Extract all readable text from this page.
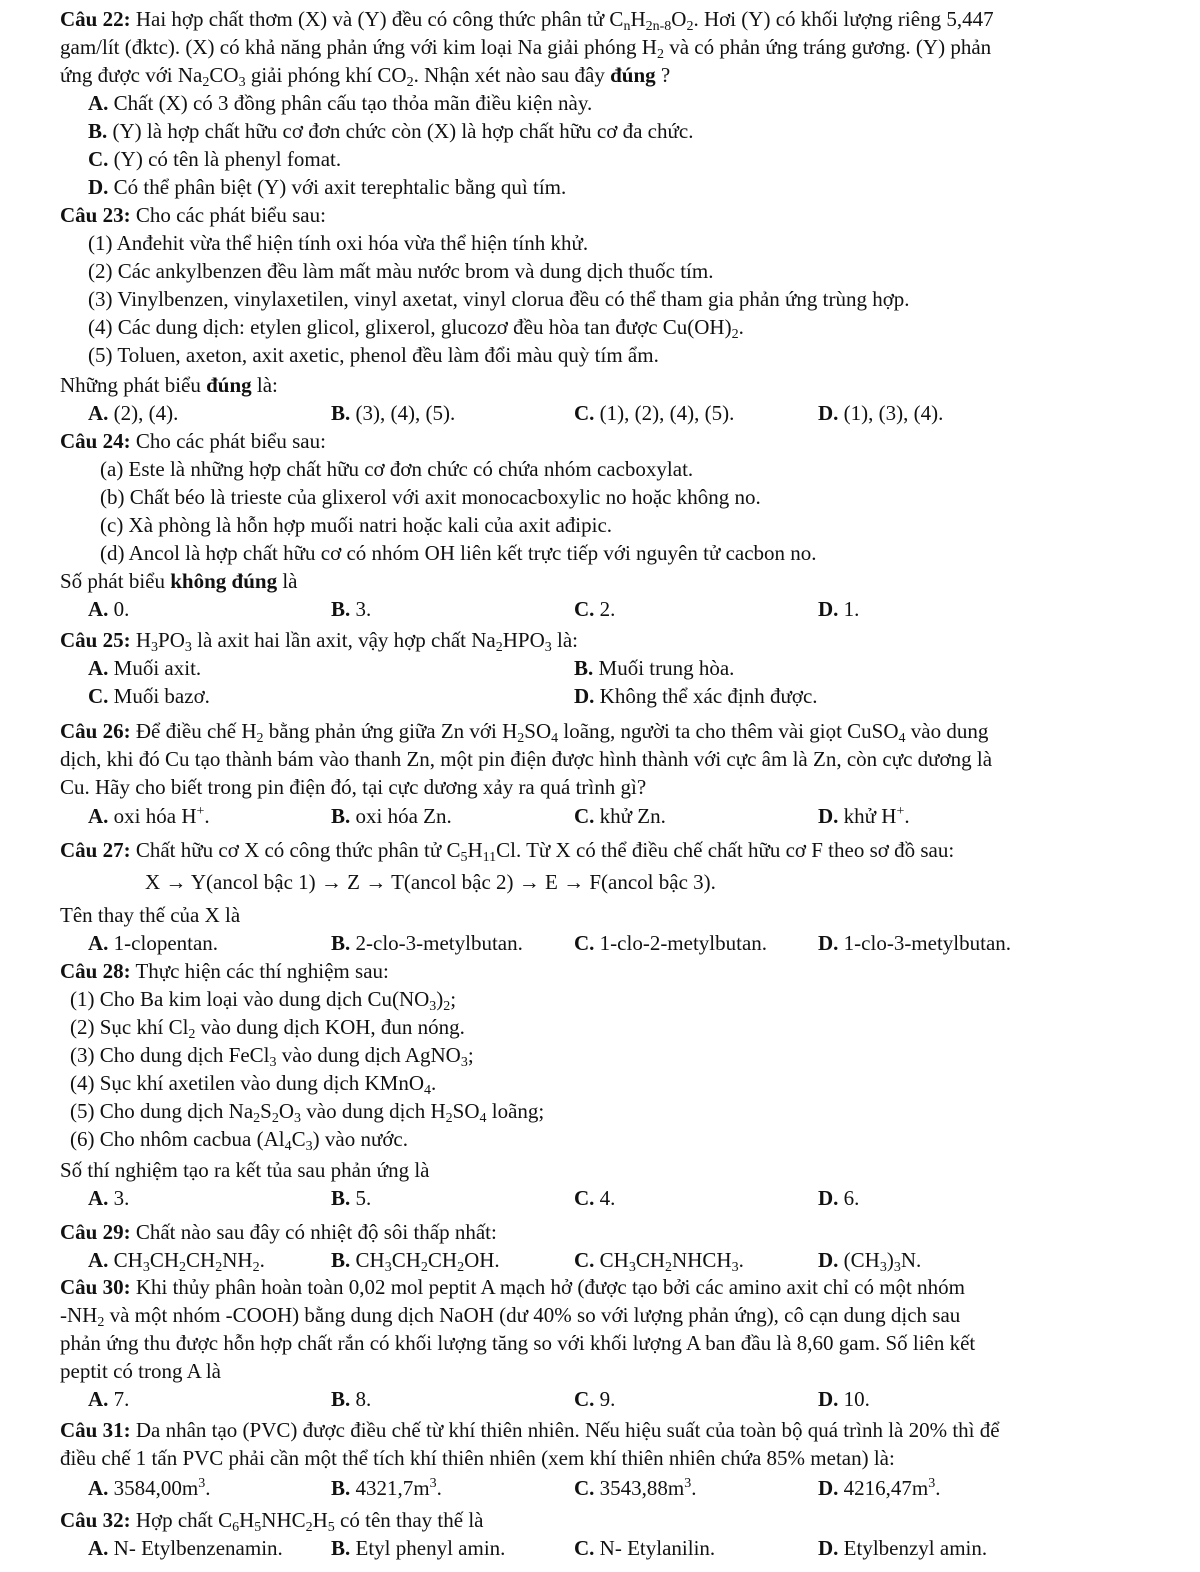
Câu 22: Hai hợp chất thơm (X) và (Y) đều có công thức phân tử $C_nH_{2n-8}O_2$. Hơi (Y) có khối lượng riêng 5,447
gam/lít (đktc). (X) có khả năng phản ứng với kim loại Na giải phóng $H_2$ và có phản ứng tráng gương. (Y) phản
ứng được với $Na_2CO_3$ giải phóng khí $CO_2$. Nhận xét nào sau đây đúng ?
A. Chất (X) có 3 đồng phân cấu tạo thỏa mãn điều kiện này.
B. (Y) là hợp chất hữu cơ đơn chức còn (X) là hợp chất hữu cơ đa chức.
C. (Y) có tên là phenyl fomat.
D. Có thể phân biệt (Y) với axit terephtalic bằng quì tím.
Câu 23: Cho các phát biểu sau:
(1) Anđehit vừa thể hiện tính oxi hóa vừa thể hiện tính khử.
(2) Các ankylbenzen đều làm mất màu nước brom và dung dịch thuốc tím.
(3) Vinylbenzen, vinylaxetilen, vinyl axetat, vinyl clorua đều có thể tham gia phản ứng trùng hợp.
(4) Các dung dịch: etylen glicol, glixerol, glucozơ đều hòa tan được $Cu(OH)_2$.
(5) Toluen, axeton, axit axetic, phenol đều làm đổi màu quỳ tím ẩm.
Những phát biểu đúng là:
A. (2), (4).	B. (3), (4), (5).	C. (1), (2), (4), (5).	D. (1), (3), (4).
Câu 24: Cho các phát biểu sau:
(a) Este là những hợp chất hữu cơ đơn chức có chứa nhóm cacboxylat.
(b) Chất béo là trieste của glixerol với axit monocacboxylic no hoặc không no.
(c) Xà phòng là hỗn hợp muối natri hoặc kali của axit ađipic.
(d) Ancol là hợp chất hữu cơ có nhóm OH liên kết trực tiếp với nguyên tử cacbon no.
Số phát biểu không đúng là
A. 0.	B. 3.	C. 2.	D. 1.
Câu 25: $H_3PO_3$ là axit hai lần axit, vậy hợp chất $Na_2HPO_3$ là:
A. Muối axit.	B. Muối trung hòa.
C. Muối bazơ.	D. Không thể xác định được.
Câu 26: Để điều chế $H_2$ bằng phản ứng giữa Zn với $H_2SO_4$ loãng, người ta cho thêm vài giọt CuSO$_4$ vào dung
dịch, khi đó Cu tạo thành bám vào thanh Zn, một pin điện được hình thành với cực âm là Zn, còn cực dương là
Cu. Hãy cho biết trong pin điện đó, tại cực dương xảy ra quá trình gì?
A. oxi hóa H+.	B. oxi hóa Zn.	C. khử Zn.	D. khử H+.
Câu 27: Chất hữu cơ X có công thức phân tử $C_5H_{11}Cl$. Từ X có thể điều chế chất hữu cơ F theo sơ đồ sau:
X → Y(ancol bậc 1) → Z → T(ancol bậc 2) → E → F(ancol bậc 3).
Tên thay thế của X là
A. 1-clopentan.	B. 2-clo-3-metylbutan. C. 1-clo-2-metylbutan. D. 1-clo-3-metylbutan.
Câu 28: Thực hiện các thí nghiệm sau:
(1) Cho Ba kim loại vào dung dịch $Cu(NO_3)_2$;
(2) Sục khí $Cl_2$ vào dung dịch KOH, đun nóng.
(3) Cho dung dịch FeCl$_3$ vào dung dịch AgNO$_3$;
(4) Sục khí axetilen vào dung dịch KMnO$_4$.
(5) Cho dung dịch $Na_2S_2O_3$ vào dung dịch $H_2SO_4$ loãng;
(6) Cho nhôm cacbua $(Al_4C_3)$ vào nước.
Số thí nghiệm tạo ra kết tủa sau phản ứng là
A. 3.	B. 5.	C. 4.	D. 6.
Câu 29: Chất nào sau đây có nhiệt độ sôi thấp nhất:
A. $CH_3CH_2CH_2NH_2$.	B. $CH_3CH_2CH_2OH$.	C. $CH_3CH_2NHCH_3$.	D. $(CH_3)_3N$.
Câu 30: Khi thủy phân hoàn toàn 0,02 mol peptit A mạch hở (được tạo bởi các amino axit chỉ có một nhóm
$-NH_2$ và một nhóm -COOH) bằng dung dịch NaOH (dư 40% so với lượng phản ứng), cô cạn dung dịch sau
phản ứng thu được hỗn hợp chất rắn có khối lượng tăng so với khối lượng A ban đầu là 8,60 gam. Số liên kết
peptit có trong A là
A. 7.	B. 8.	C. 9.	D. 10.
Câu 31: Da nhân tạo (PVC) được điều chế từ khí thiên nhiên. Nếu hiệu suất của toàn bộ quá trình là 20% thì để
điều chế 1 tấn PVC phải cần một thể tích khí thiên nhiên (xem khí thiên nhiên chứa 85% metan) là:
A. $3584,00m^3$.	B. $4321,7m^3$.	C. $3543,88m^3$.	D. $4216,47m^3$.
Câu 32: Hợp chất $C_6H_5NHC_2H_5$ có tên thay thế là
A. N- Etylbenzenamin. B. Etyl phenyl amin.	C. N- Etylanilin.	D. Etylbenzyl amin.
